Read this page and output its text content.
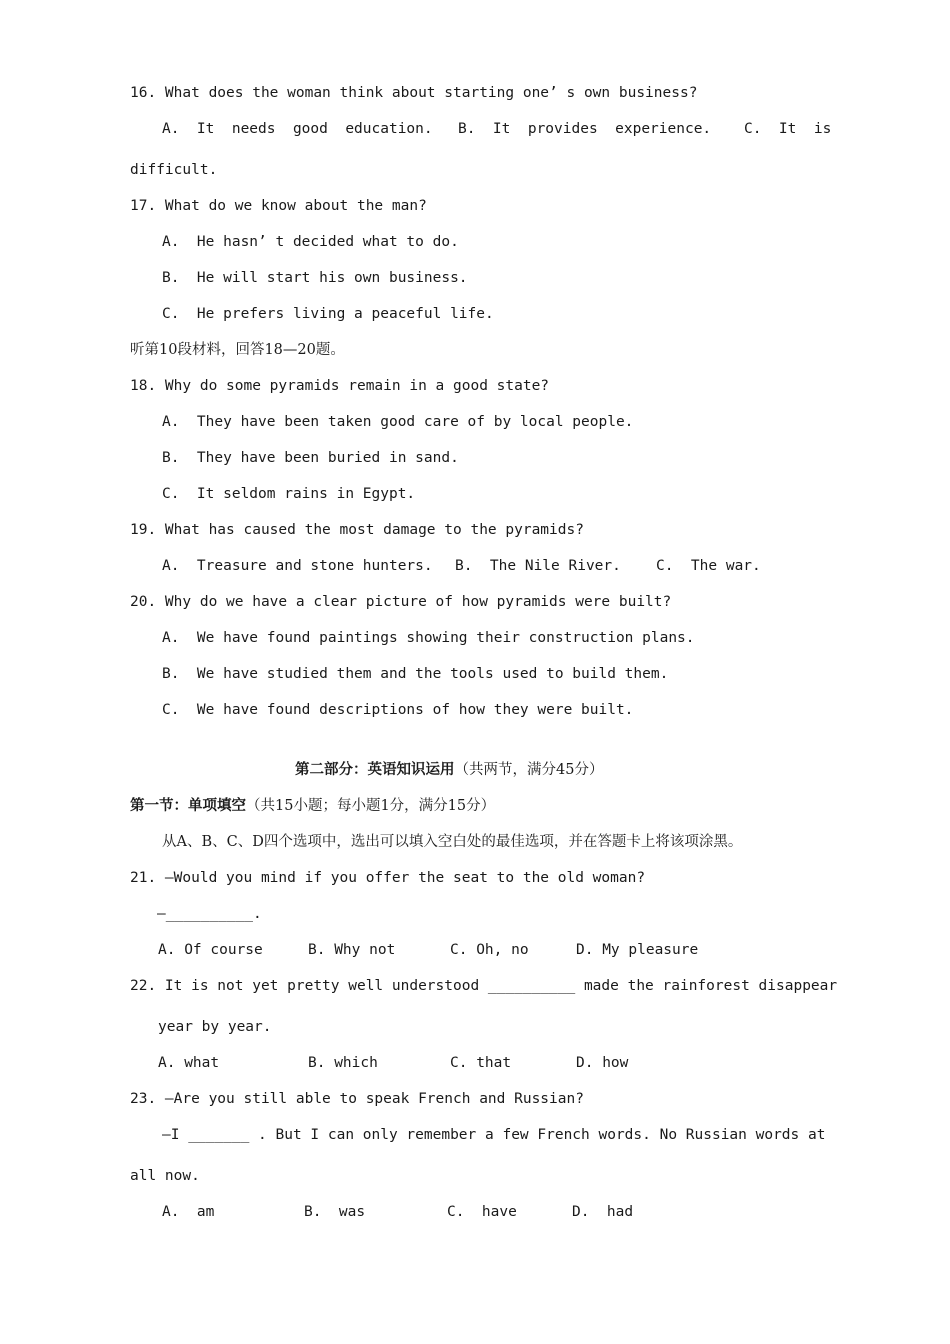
16. What does the woman think about starting one’ s own business?
A.  It  needs  good  education. B.  It  provides  experience. C.  It  is
difficult.
17. What do we know about the man?
A.  He hasn’ t decided what to do.
B.  He will start his own business.
C.  He prefers living a peaceful life.
听第10段材料，回答18—20题。
18. Why do some pyramids remain in a good state?
A.  They have been taken good care of by local people.
B.  They have been buried in sand.
C.  It seldom rains in Egypt.
19. What has caused the most damage to the pyramids?
A.  Treasure and stone hunters. B.  The Nile River. C.  The war.
20. Why do we have a clear picture of how pyramids were built?
A.  We have found paintings showing their construction plans.
B.  We have studied them and the tools used to build them.
C.  We have found descriptions of how they were built.
第二部分：英语知识运用（共两节，满分45分）
第一节：单项填空（共15小题；每小题1分，满分15分）
从A、B、C、D四个选项中，选出可以填入空白处的最佳选项，并在答题卡上将该项涂黑。
21. —Would you mind if you offer the seat to the old woman?
—__________.
A. Of course	B. Why not	C. Oh, no	D. My pleasure
22. It is not yet pretty well understood __________ made the rainforest disappear
year by year.
A. what	B. which	C. that	D. how
23. —Are you still able to speak French and Russian?
—I _______ . But I can only remember a few French words. No Russian words at
all now.
A.  am	B.  was	C.  have	D.  had
